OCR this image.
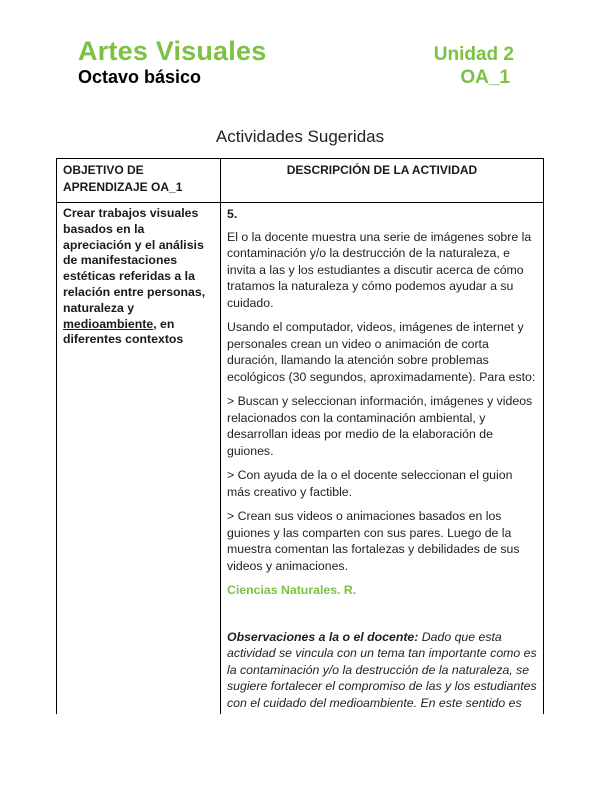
Artes Visuales	Unidad 2
Octavo básico	OA_1
Actividades Sugeridas
OBJETIVO DE APRENDIZAJE OA_1
DESCRIPCIÓN DE LA ACTIVIDAD
Crear trabajos visuales basados en la apreciación y el análisis de manifestaciones estéticas referidas a la relación entre personas, naturaleza y medioambiente, en diferentes contextos

5.

El o la docente muestra una serie de imágenes sobre la contaminación y/o la destrucción de la naturaleza, e invita a las y los estudiantes a discutir acerca de cómo tratamos la naturaleza y cómo podemos ayudar a su cuidado.

Usando el computador, videos, imágenes de internet y personales crean un video o animación de corta duración, llamando la atención sobre problemas ecológicos (30 segundos, aproximadamente). Para esto:

> Buscan y seleccionan información, imágenes y videos relacionados con la contaminación ambiental, y desarrollan ideas por medio de la elaboración de guiones.

> Con ayuda de la o el docente seleccionan el guion más creativo y factible.

> Crean sus videos o animaciones basados en los guiones y las comparten con sus pares. Luego de la muestra comentan las fortalezas y debilidades de sus videos y animaciones.

Ciencias Naturales. R.

Observaciones a la o el docente: Dado que esta actividad se vincula con un tema tan importante como es la contaminación y/o la destrucción de la naturaleza, se sugiere fortalecer el compromiso de las y los estudiantes con el cuidado del medioambiente. En este sentido es
